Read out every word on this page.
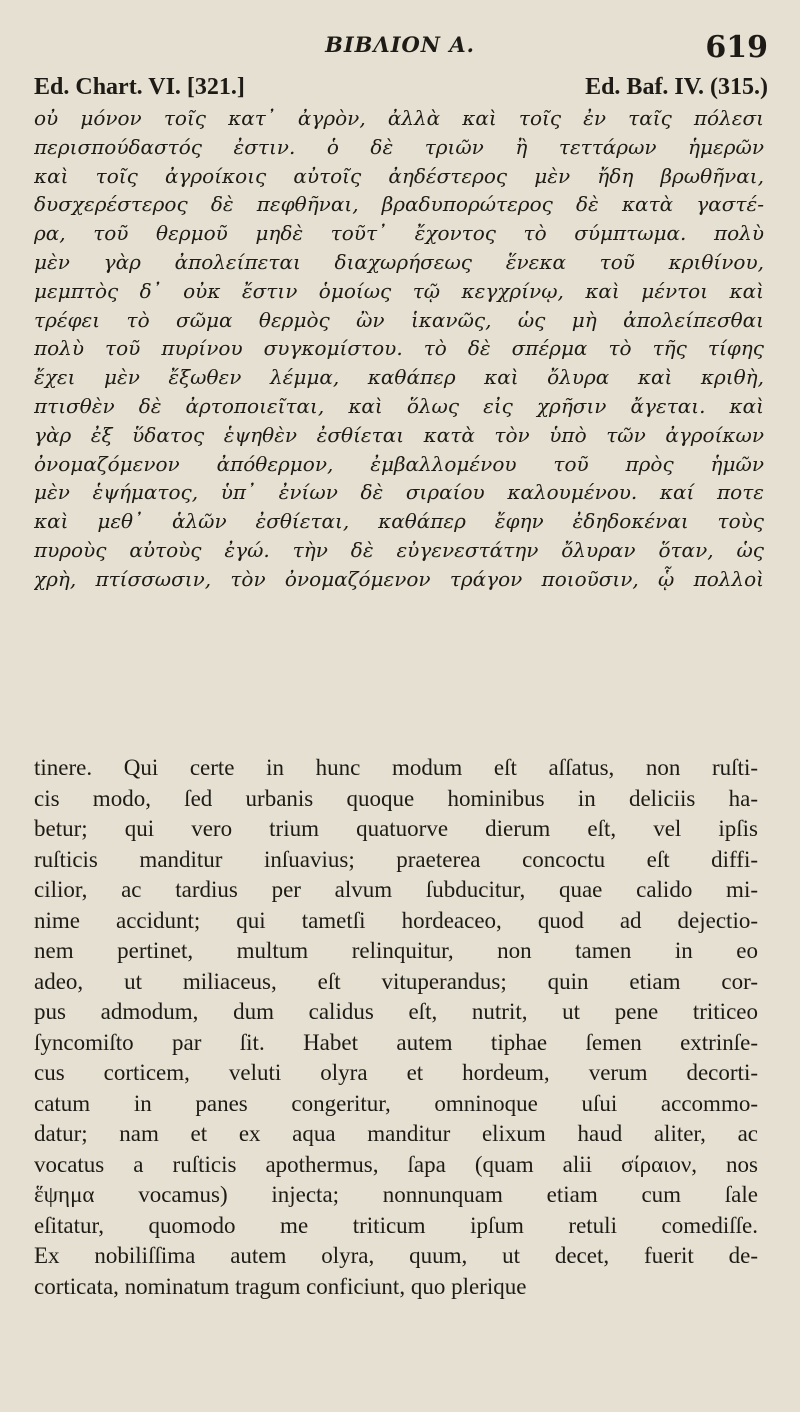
ΒΙΒΛΙΟΝ Α.	619
Ed. Chart. VI. [321.]	Ed. Baf. IV. (315.)
οὐ μόνον τοῖς κατ᾽ ἀγρὸν, ἀλλὰ καὶ τοῖς ἐν ταῖς πόλεσι
περισπούδαστός ἐστιν. ὁ δὲ τριῶν ἢ τεττάρων ἡμερῶν
καὶ τοῖς ἀγροίκοις αὐτοῖς ἀηδέστερος μὲν ἤδη βρωθῆναι,
δυσχερέστερος δὲ πεφθῆναι, βραδυπορώτερος δὲ κατὰ γαστέ-
ρα, τοῦ θερμοῦ μηδὲ τοῦτ᾽ ἔχοντος τὸ σύμπτωμα. πολὺ
μὲν γὰρ ἀπολείπεται διαχωρήσεως ἕνεκα τοῦ κριθίνου,
μεμπτὸς δ᾽ οὐκ ἔστιν ὁμοίως τῷ κεγχρίνῳ, καὶ μέντοι καὶ
τρέφει τὸ σῶμα θερμὸς ὢν ἱκανῶς, ὡς μὴ ἀπολείπεσθαι
πολὺ τοῦ πυρίνου συγκομίστου. τὸ δὲ σπέρμα τὸ τῆς τίφης
ἔχει μὲν ἔξωθεν λέμμα, καθάπερ καὶ ὄλυρα καὶ κριθὴ,
πτισθὲν δὲ ἀρτοποιεῖται, καὶ ὅλως εἰς χρῆσιν ἄγεται. καὶ
γὰρ ἐξ ὕδατος ἑψηθὲν ἐσθίεται κατὰ τὸν ὑπὸ τῶν ἀγροίκων
ὀνομαζόμενον ἀπόθερμον, ἐμβαλλομένου τοῦ πρὸς ἡμῶν
μὲν ἑψήματος, ὑπ᾽ ἐνίων δὲ σιραίου καλουμένου. καί ποτε
καὶ μεθ᾽ ἁλῶν ἐσθίεται, καθάπερ ἔφην ἐδηδοκέναι τοὺς
πυροὺς αὐτοὺς ἐγώ. τὴν δὲ εὐγενεστάτην ὄλυραν ὅταν, ὡς
χρὴ, πτίσσωσιν, τὸν ὀνομαζόμενον τράγον ποιοῦσιν, ᾧ πολλοὶ
tinere. Qui certe in hunc modum eſt aſſatus, non ruſti-
cis modo, ſed urbanis quoque hominibus in deliciis ha-
betur; qui vero trium quatuorve dierum eſt, vel ipſis
ruſticis manditur inſuavius; praeterea concoctu eſt diffi-
cilior, ac tardius per alvum ſubducitur, quae calido mi-
nime accidunt; qui tametſi hordeaceo, quod ad dejectio-
nem pertinet, multum relinquitur, non tamen in eo
adeo, ut miliaceus, eſt vituperandus; quin etiam cor-
pus admodum, dum calidus eſt, nutrit, ut pene triticeo
ſyncomiſto par ſit. Habet autem tiphae ſemen extrinſe-
cus corticem, veluti olyra et hordeum, verum decorti-
catum in panes congeritur, omninoque uſui accommo-
datur; nam et ex aqua manditur elixum haud aliter, ac
vocatus a ruſticis apothermus, ſapa (quam alii σίραιον, nos
ἕψημα vocamus) injecta; nonnunquam etiam cum ſale
eſitatur, quomodo me triticum ipſum retuli comediſſe.
Ex nobiliſſima autem olyra, quum, ut decet, fuerit de-
corticata, nominatum tragum conficiunt, quo plerique
